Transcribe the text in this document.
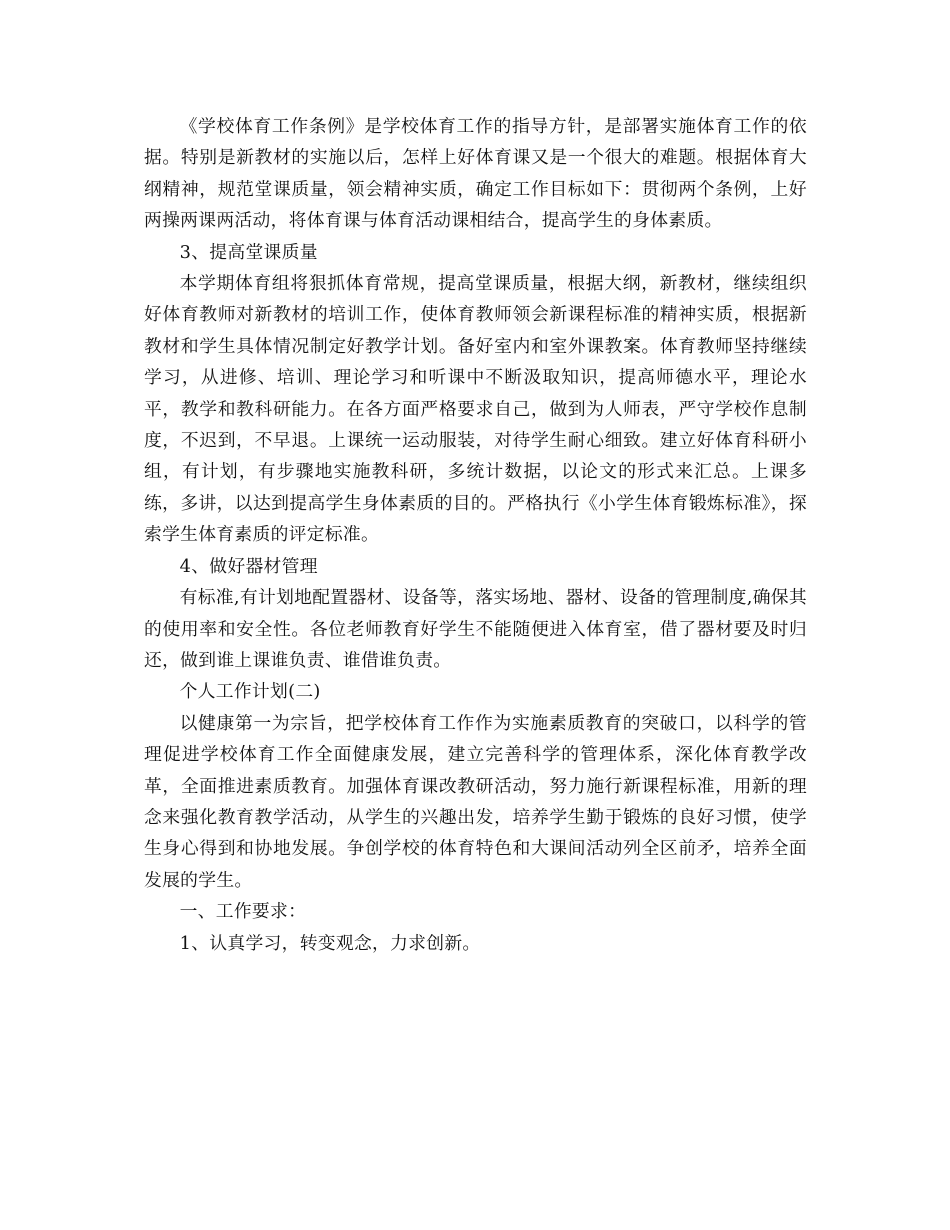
《学校体育工作条例》是学校体育工作的指导方针，是部署实施体育工作的依据。特别是新教材的实施以后，怎样上好体育课又是一个很大的难题。根据体育大纲精神，规范堂课质量，领会精神实质，确定工作目标如下：贯彻两个条例，上好两操两课两活动，将体育课与体育活动课相结合，提高学生的身体素质。

3、提高堂课质量

本学期体育组将狠抓体育常规，提高堂课质量，根据大纲，新教材，继续组织好体育教师对新教材的培训工作，使体育教师领会新课程标准的精神实质，根据新教材和学生具体情况制定好教学计划。备好室内和室外课教案。体育教师坚持继续学习，从进修、培训、理论学习和听课中不断汲取知识，提高师德水平，理论水平，教学和教科研能力。在各方面严格要求自己，做到为人师表，严守学校作息制度，不迟到，不早退。上课统一运动服装，对待学生耐心细致。建立好体育科研小组，有计划，有步骤地实施教科研，多统计数据，以论文的形式来汇总。上课多练，多讲，以达到提高学生身体素质的目的。严格执行《小学生体育锻炼标准》，探索学生体育素质的评定标准。

4、做好器材管理

有标准,有计划地配置器材、设备等，落实场地、器材、设备的管理制度,确保其的使用率和安全性。各位老师教育好学生不能随便进入体育室，借了器材要及时归还，做到谁上课谁负责、谁借谁负责。

个人工作计划(二)

以健康第一为宗旨，把学校体育工作作为实施素质教育的突破口，以科学的管理促进学校体育工作全面健康发展，建立完善科学的管理体系，深化体育教学改革，全面推进素质教育。加强体育课改教研活动，努力施行新课程标准，用新的理念来强化教育教学活动，从学生的兴趣出发，培养学生勤于锻炼的良好习惯，使学生身心得到和协地发展。争创学校的体育特色和大课间活动列全区前矛，培养全面发展的学生。

一、工作要求：

1、认真学习，转变观念，力求创新。
